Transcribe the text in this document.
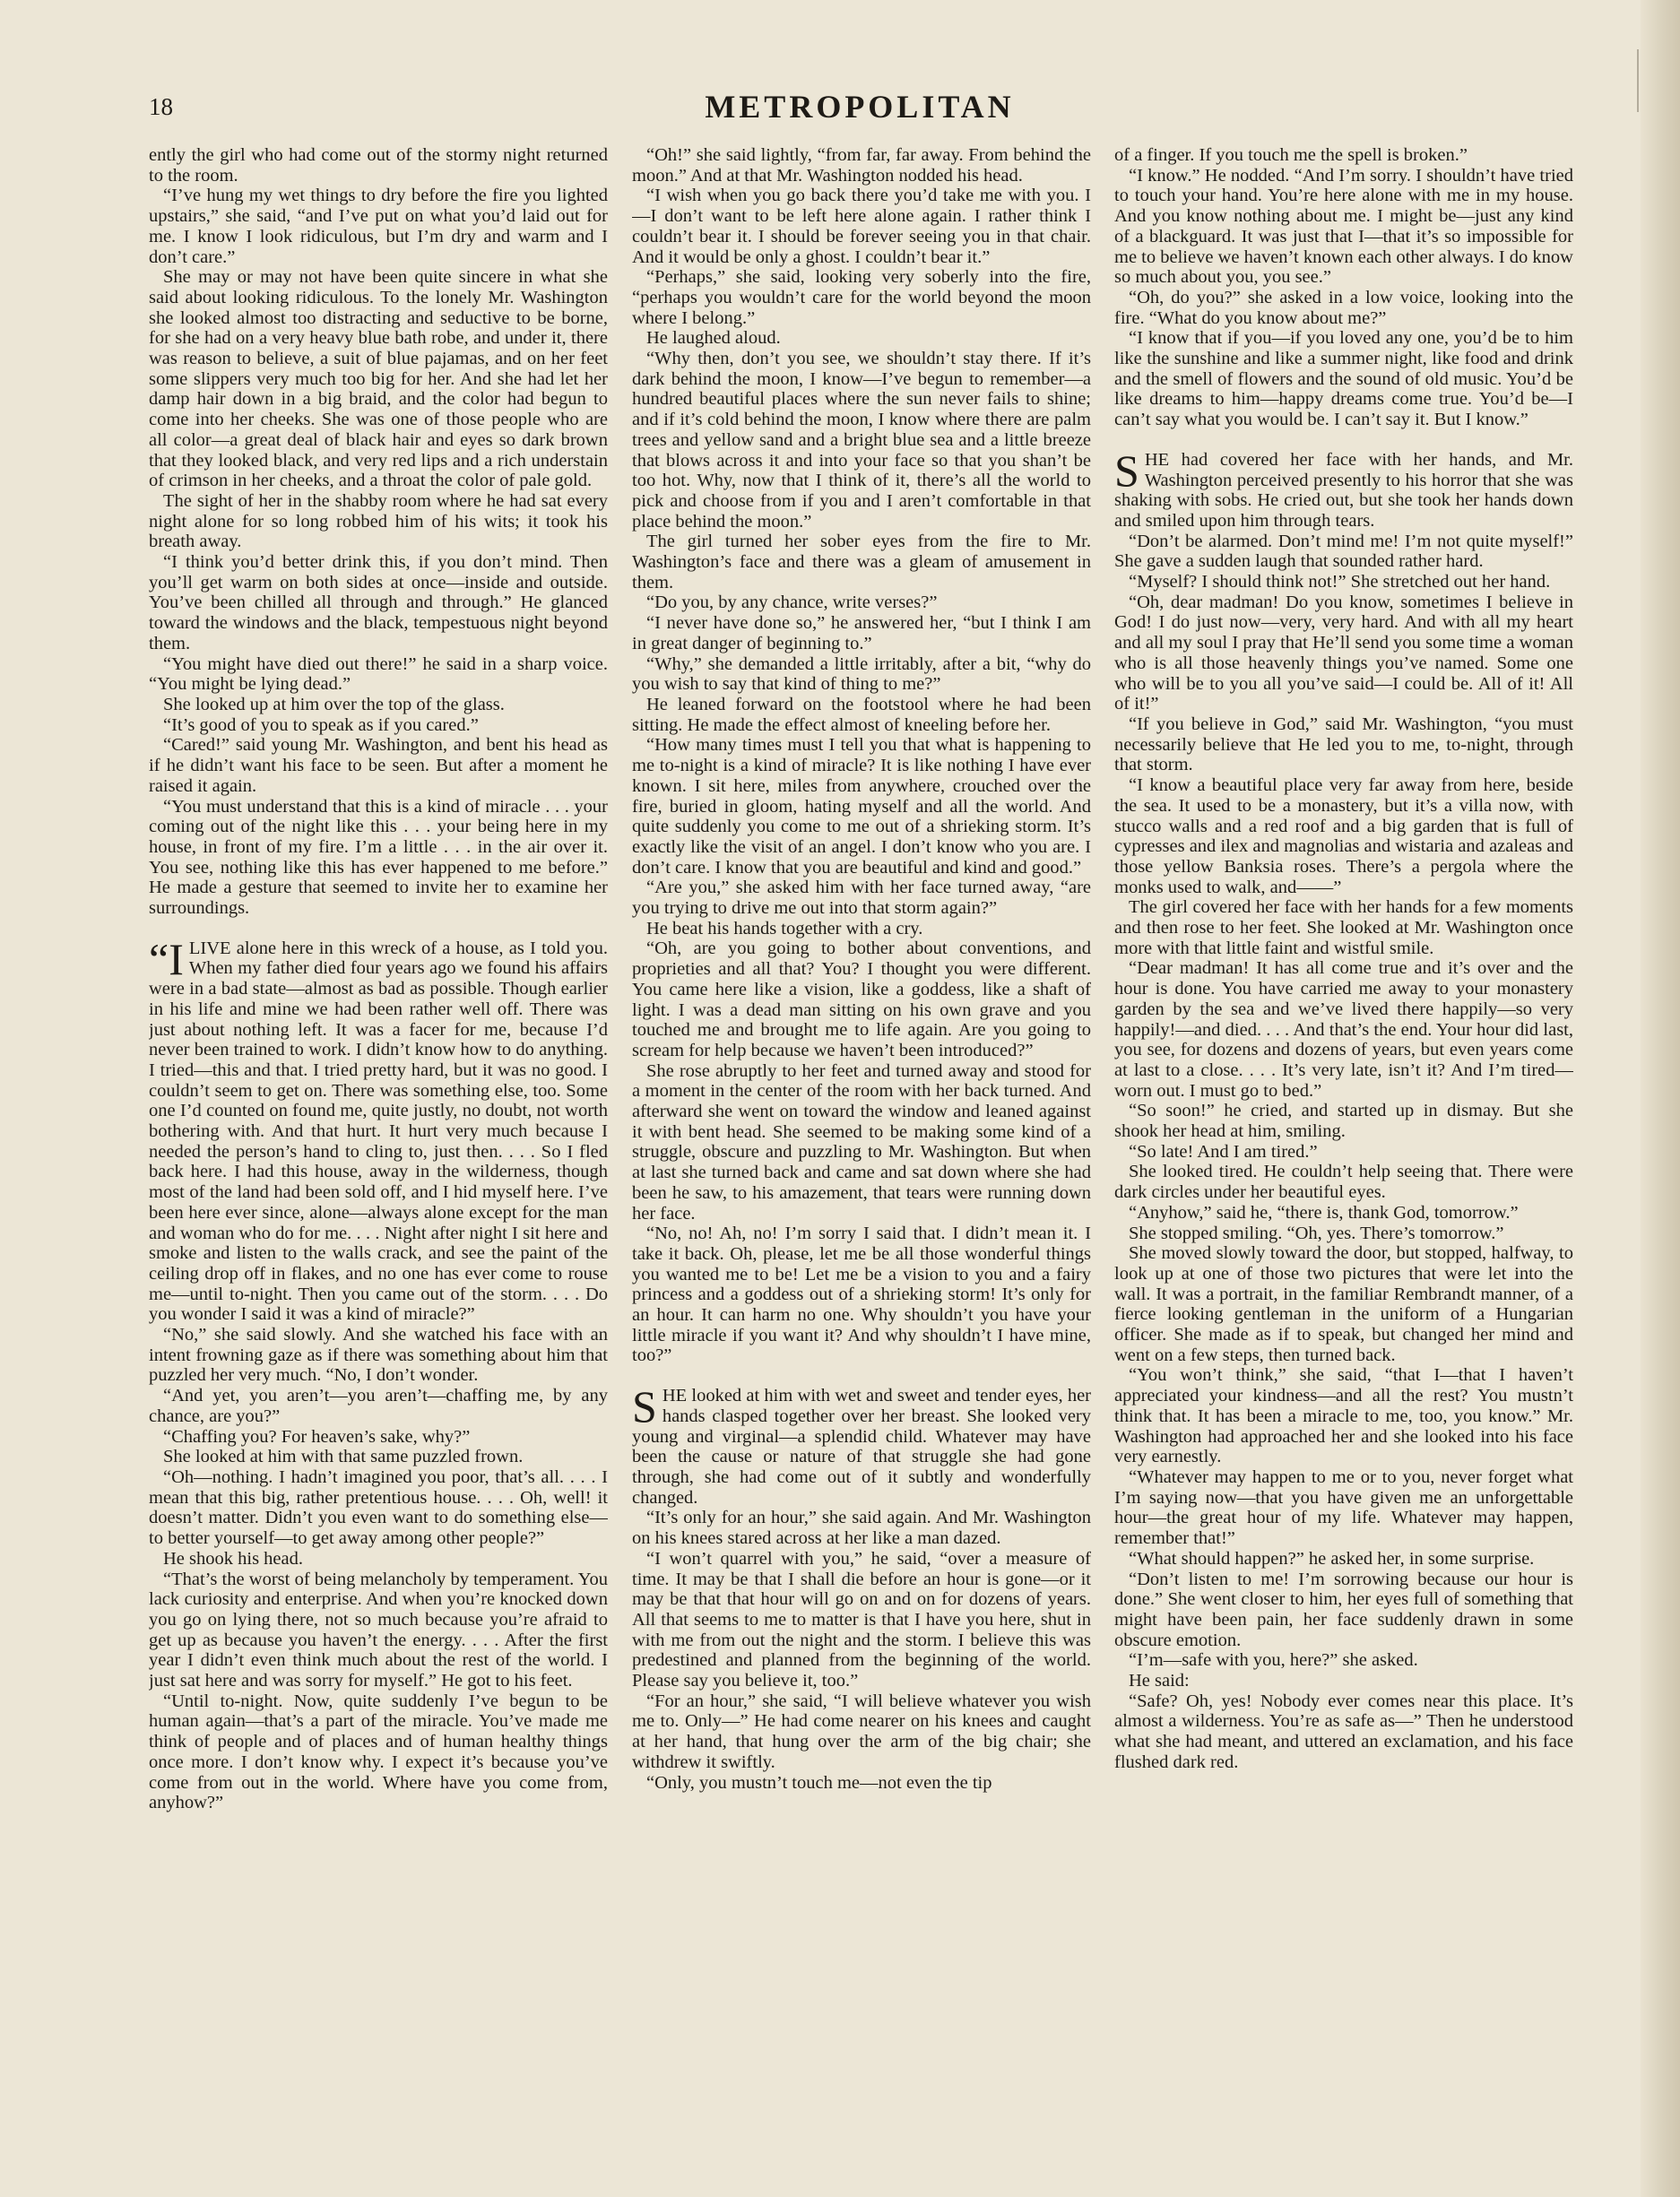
18	METROPOLITAN

ently the girl who had come out of the stormy night returned to the room.

“I’ve hung my wet things to dry before the fire you lighted upstairs,” she said, “and I’ve put on what you’d laid out for me. I know I look ridiculous, but I’m dry and warm and I don’t care.”

She may or may not have been quite sincere in what she said about looking ridiculous. To the lonely Mr. Washington she looked almost too distracting and seductive to be borne, for she had on a very heavy blue bath robe, and under it, there was reason to believe, a suit of blue pajamas, and on her feet some slippers very much too big for her. And she had let her damp hair down in a big braid, and the color had begun to come into her cheeks. She was one of those people who are all color—a great deal of black hair and eyes so dark brown that they looked black, and very red lips and a rich understain of crimson in her cheeks, and a throat the color of pale gold.

The sight of her in the shabby room where he had sat every night alone for so long robbed him of his wits; it took his breath away.

“I think you’d better drink this, if you don’t mind. Then you’ll get warm on both sides at once—inside and outside. You’ve been chilled all through and through.” He glanced toward the windows and the black, tempestuous night beyond them.

“You might have died out there!” he said in a sharp voice. “You might be lying dead.”

She looked up at him over the top of the glass.

“It’s good of you to speak as if you cared.”

“Cared!” said young Mr. Washington, and bent his head as if he didn’t want his face to be seen. But after a moment he raised it again.

“You must understand that this is a kind of miracle . . . your coming out of the night like this . . . your being here in my house, in front of my fire. I’m a little . . . in the air over it. You see, nothing like this has ever happened to me before.” He made a gesture that seemed to invite her to examine her surroundings.

“I LIVE alone here in this wreck of a house, as I told you. When my father died four years ago we found his affairs were in a bad state—almost as bad as possible. Though earlier in his life and mine we had been rather well off. There was just about nothing left. It was a facer for me, because I’d never been trained to work. I didn’t know how to do anything. I tried—this and that. I tried pretty hard, but it was no good. I couldn’t seem to get on. There was something else, too. Some one I’d counted on found me, quite justly, no doubt, not worth bothering with. And that hurt. It hurt very much because I needed the person’s hand to cling to, just then. . . . So I fled back here. I had this house, away in the wilderness, though most of the land had been sold off, and I hid myself here. I’ve been here ever since, alone—always alone except for the man and woman who do for me. . . . Night after night I sit here and smoke and listen to the walls crack, and see the paint of the ceiling drop off in flakes, and no one has ever come to rouse me—until to-night. Then you came out of the storm. . . . Do you wonder I said it was a kind of miracle?”

“No,” she said slowly. And she watched his face with an intent frowning gaze as if there was something about him that puzzled her very much. “No, I don’t wonder.

“And yet, you aren’t—you aren’t—chaffing me, by any chance, are you?”

“Chaffing you? For heaven’s sake, why?”

She looked at him with that same puzzled frown.

“Oh—nothing. I hadn’t imagined you poor, that’s all. . . . I mean that this big, rather pretentious house. . . . Oh, well! it doesn’t matter. Didn’t you even want to do something else—to better yourself—to get away among other people?”

He shook his head.

“That’s the worst of being melancholy by temperament. You lack curiosity and enterprise. And when you’re knocked down you go on lying there, not so much because you’re afraid to get up as because you haven’t the energy. . . . After the first year I didn’t even think much about the rest of the world. I just sat here and was sorry for myself.” He got to his feet.

“Until to-night. Now, quite suddenly I’ve begun to be human again—that’s a part of the miracle. You’ve made me think of people and of places and of human healthy things once more. I don’t know why. I expect it’s because you’ve come from out in the world. Where have you come from, anyhow?”

“Oh!” she said lightly, “from far, far away. From behind the moon.” And at that Mr. Washington nodded his head.

“I wish when you go back there you’d take me with you. I—I don’t want to be left here alone again. I rather think I couldn’t bear it. I should be forever seeing you in that chair. And it would be only a ghost. I couldn’t bear it.”

“Perhaps,” she said, looking very soberly into the fire, “perhaps you wouldn’t care for the world beyond the moon where I belong.”

He laughed aloud.

“Why then, don’t you see, we shouldn’t stay there. If it’s dark behind the moon, I know—I’ve begun to remember—a hundred beautiful places where the sun never fails to shine; and if it’s cold behind the moon, I know where there are palm trees and yellow sand and a bright blue sea and a little breeze that blows across it and into your face so that you shan’t be too hot. Why, now that I think of it, there’s all the world to pick and choose from if you and I aren’t comfortable in that place behind the moon.”

The girl turned her sober eyes from the fire to Mr. Washington’s face and there was a gleam of amusement in them.

“Do you, by any chance, write verses?”

“I never have done so,” he answered her, “but I think I am in great danger of beginning to.”

“Why,” she demanded a little irritably, after a bit, “why do you wish to say that kind of thing to me?”

He leaned forward on the footstool where he had been sitting. He made the effect almost of kneeling before her.

“How many times must I tell you that what is happening to me to-night is a kind of miracle? It is like nothing I have ever known. I sit here, miles from anywhere, crouched over the fire, buried in gloom, hating myself and all the world. And quite suddenly you come to me out of a shrieking storm. It’s exactly like the visit of an angel. I don’t know who you are. I don’t care. I know that you are beautiful and kind and good.”

“Are you,” she asked him with her face turned away, “are you trying to drive me out into that storm again?”

He beat his hands together with a cry.

“Oh, are you going to bother about conventions, and proprieties and all that? You? I thought you were different. You came here like a vision, like a goddess, like a shaft of light. I was a dead man sitting on his own grave and you touched me and brought me to life again. Are you going to scream for help because we haven’t been introduced?”

She rose abruptly to her feet and turned away and stood for a moment in the center of the room with her back turned. And afterward she went on toward the window and leaned against it with bent head. She seemed to be making some kind of a struggle, obscure and puzzling to Mr. Washington. But when at last she turned back and came and sat down where she had been he saw, to his amazement, that tears were running down her face.

“No, no! Ah, no! I’m sorry I said that. I didn’t mean it. I take it back. Oh, please, let me be all those wonderful things you wanted me to be! Let me be a vision to you and a fairy princess and a goddess out of a shrieking storm! It’s only for an hour. It can harm no one. Why shouldn’t you have your little miracle if you want it? And why shouldn’t I have mine, too?”

SHE looked at him with wet and sweet and tender eyes, her hands clasped together over her breast. She looked very young and virginal—a splendid child. Whatever may have been the cause or nature of that struggle she had gone through, she had come out of it subtly and wonderfully changed.

“It’s only for an hour,” she said again. And Mr. Washington on his knees stared across at her like a man dazed.

“I won’t quarrel with you,” he said, “over a measure of time. It may be that I shall die before an hour is gone—or it may be that that hour will go on and on for dozens of years. All that seems to me to matter is that I have you here, shut in with me from out the night and the storm. I believe this was predestined and planned from the beginning of the world. Please say you believe it, too.”

“For an hour,” she said, “I will believe whatever you wish me to. Only—” He had come nearer on his knees and caught at her hand, that hung over the arm of the big chair; she withdrew it swiftly.

“Only, you mustn’t touch me—not even the tip

of a finger. If you touch me the spell is broken.”

“I know.” He nodded. “And I’m sorry. I shouldn’t have tried to touch your hand. You’re here alone with me in my house. And you know nothing about me. I might be—just any kind of a blackguard. It was just that I—that it’s so impossible for me to believe we haven’t known each other always. I do know so much about you, you see.”

“Oh, do you?” she asked in a low voice, looking into the fire. “What do you know about me?”

“I know that if you—if you loved any one, you’d be to him like the sunshine and like a summer night, like food and drink and the smell of flowers and the sound of old music. You’d be like dreams to him—happy dreams come true. You’d be—I can’t say what you would be. I can’t say it. But I know.”

SHE had covered her face with her hands, and Mr. Washington perceived presently to his horror that she was shaking with sobs. He cried out, but she took her hands down and smiled upon him through tears.

“Don’t be alarmed. Don’t mind me! I’m not quite myself!” She gave a sudden laugh that sounded rather hard.

“Myself? I should think not!” She stretched out her hand.

“Oh, dear madman! Do you know, sometimes I believe in God! I do just now—very, very hard. And with all my heart and all my soul I pray that He’ll send you some time a woman who is all those heavenly things you’ve named. Some one who will be to you all you’ve said—I could be. All of it! All of it!”

“If you believe in God,” said Mr. Washington, “you must necessarily believe that He led you to me, to-night, through that storm.

“I know a beautiful place very far away from here, beside the sea. It used to be a monastery, but it’s a villa now, with stucco walls and a red roof and a big garden that is full of cypresses and ilex and magnolias and wistaria and azaleas and those yellow Banksia roses. There’s a pergola where the monks used to walk, and——”

The girl covered her face with her hands for a few moments and then rose to her feet. She looked at Mr. Washington once more with that little faint and wistful smile.

“Dear madman! It has all come true and it’s over and the hour is done. You have carried me away to your monastery garden by the sea and we’ve lived there happily—so very happily!—and died. . . . And that’s the end. Your hour did last, you see, for dozens and dozens of years, but even years come at last to a close. . . . It’s very late, isn’t it? And I’m tired—worn out. I must go to bed.”

“So soon!” he cried, and started up in dismay. But she shook her head at him, smiling.

“So late! And I am tired.”

She looked tired. He couldn’t help seeing that. There were dark circles under her beautiful eyes.

“Anyhow,” said he, “there is, thank God, tomorrow.”

She stopped smiling. “Oh, yes. There’s tomorrow.”

She moved slowly toward the door, but stopped, halfway, to look up at one of those two pictures that were let into the wall. It was a portrait, in the familiar Rembrandt manner, of a fierce looking gentleman in the uniform of a Hungarian officer. She made as if to speak, but changed her mind and went on a few steps, then turned back.

“You won’t think,” she said, “that I—that I haven’t appreciated your kindness—and all the rest? You mustn’t think that. It has been a miracle to me, too, you know.” Mr. Washington had approached her and she looked into his face very earnestly.

“Whatever may happen to me or to you, never forget what I’m saying now—that you have given me an unforgettable hour—the great hour of my life. Whatever may happen, remember that!”

“What should happen?” he asked her, in some surprise.

“Don’t listen to me! I’m sorrowing because our hour is done.” She went closer to him, her eyes full of something that might have been pain, her face suddenly drawn in some obscure emotion.

“I’m—safe with you, here?” she asked.

He said:

“Safe? Oh, yes! Nobody ever comes near this place. It’s almost a wilderness. You’re as safe as—” Then he understood what she had meant, and uttered an exclamation, and his face flushed dark red.
